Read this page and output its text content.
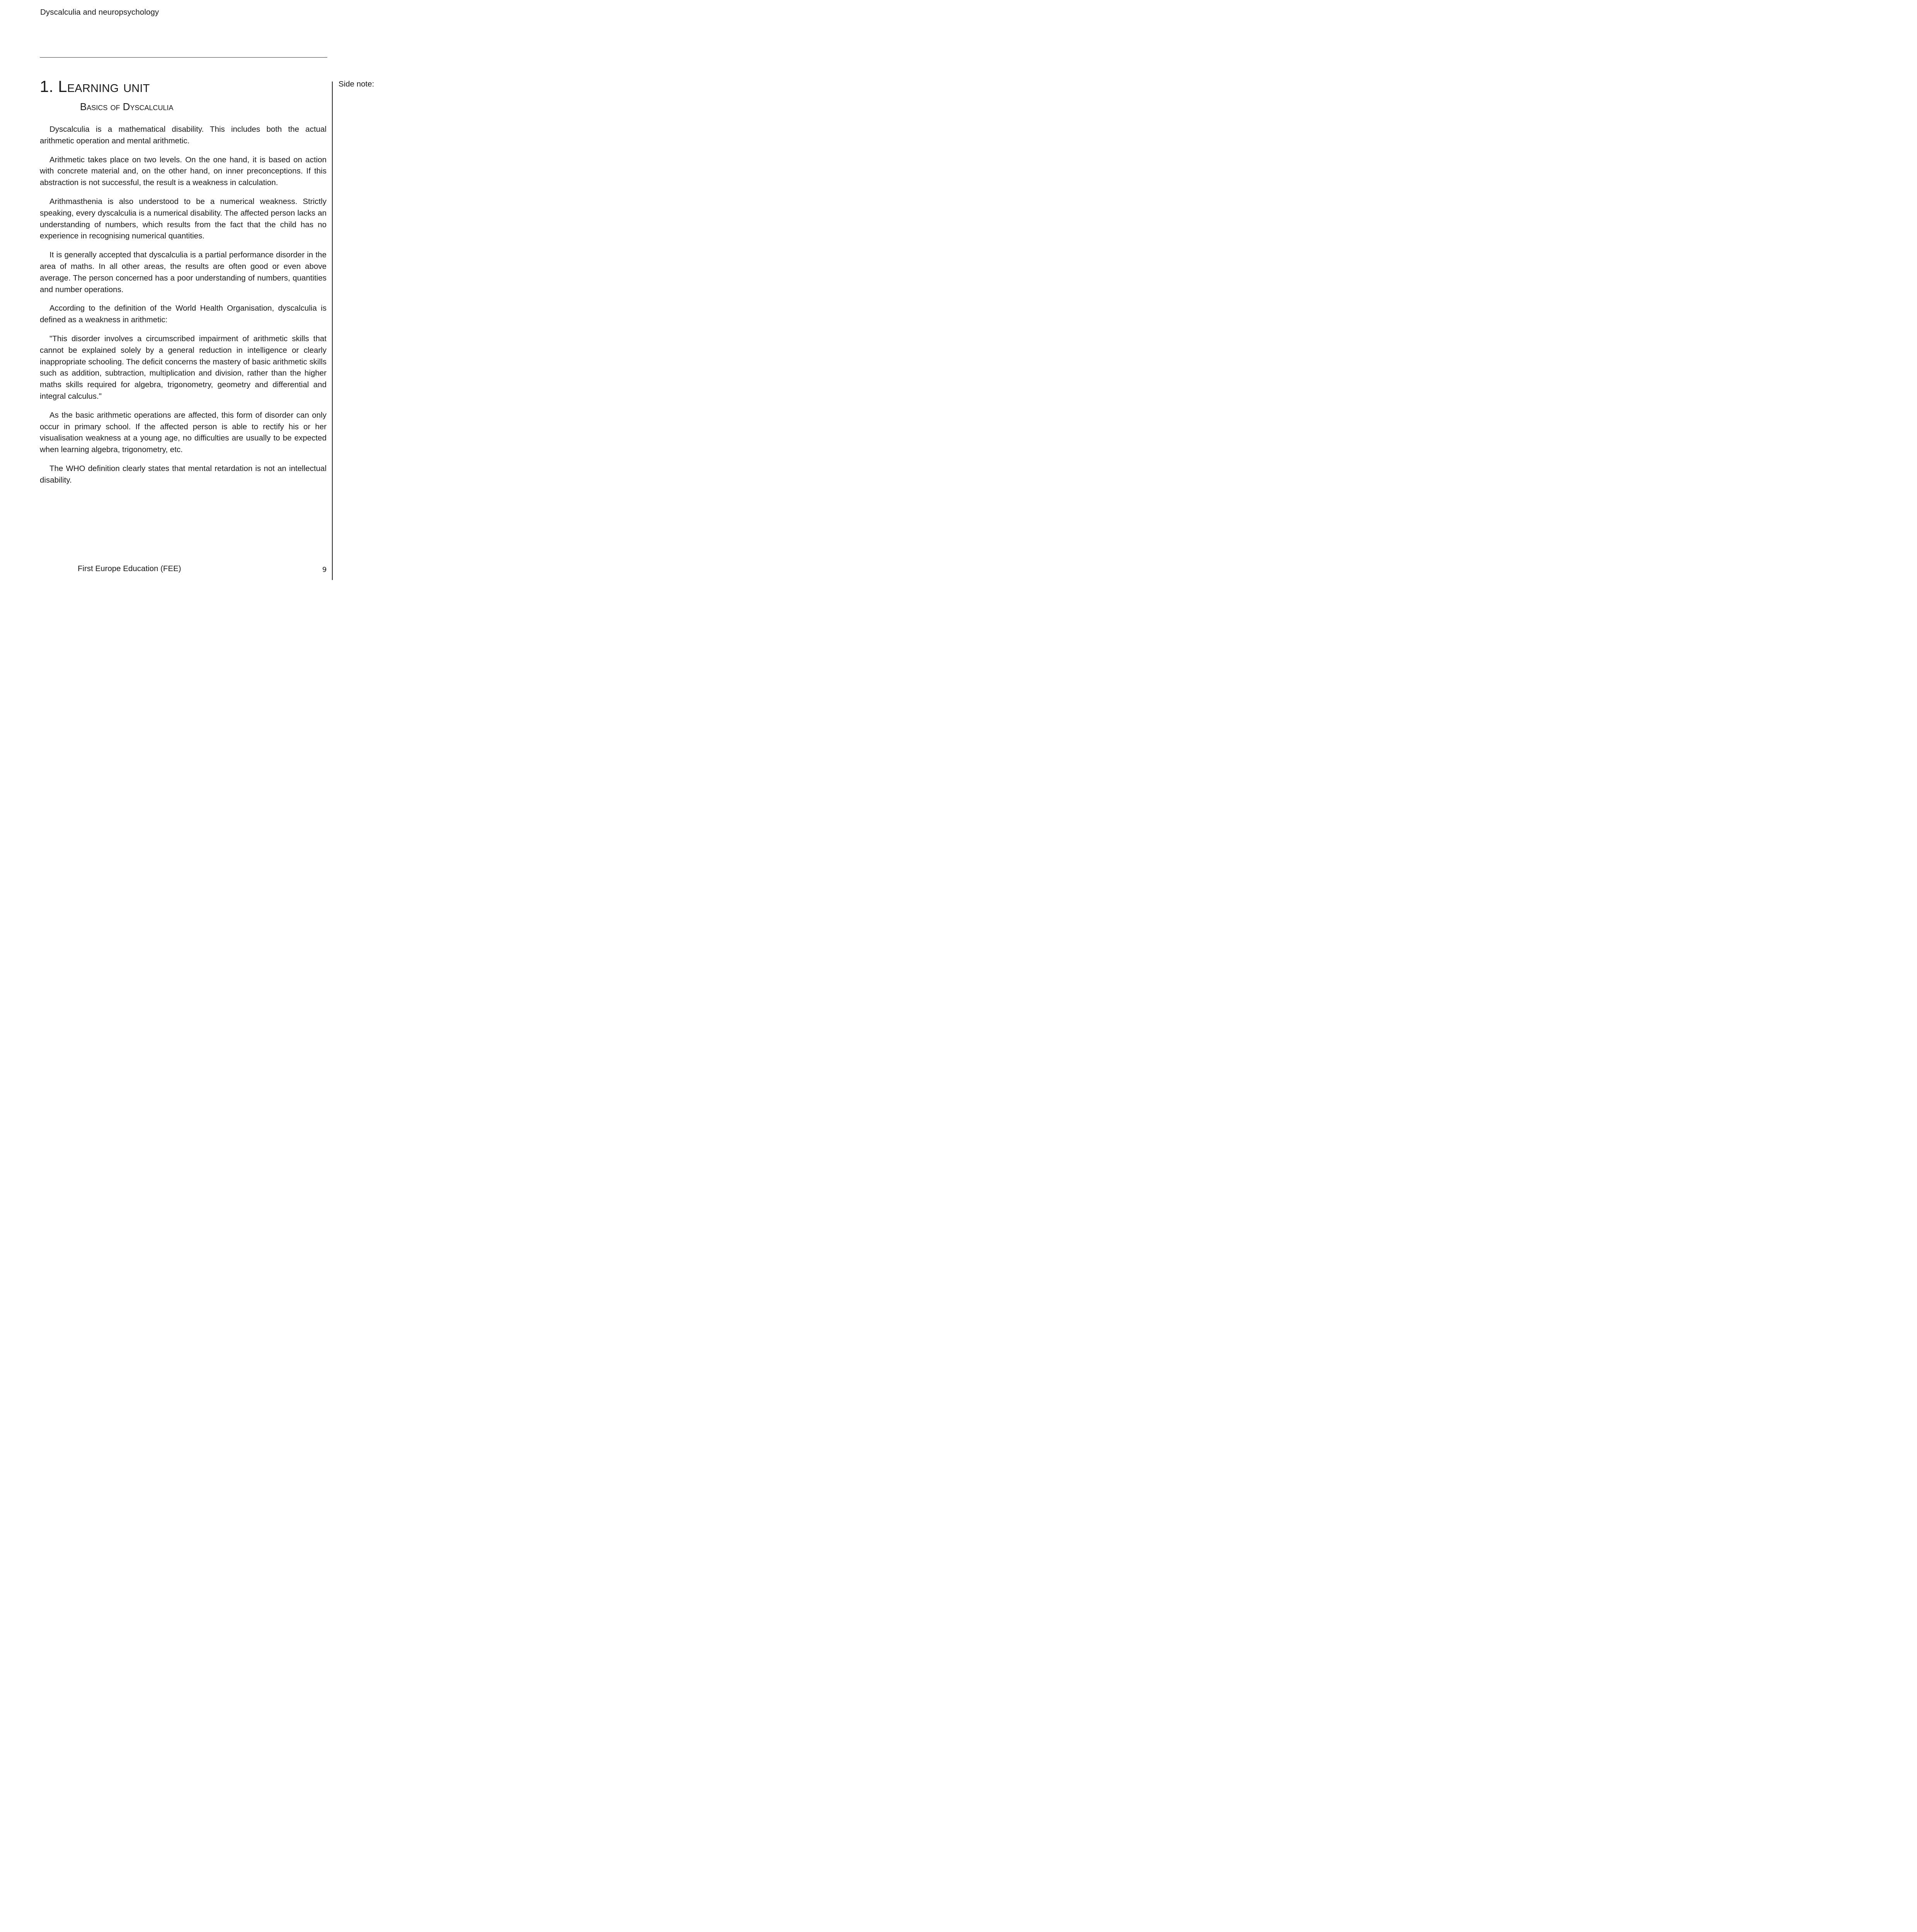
Dyscalculia and neuropsychology
Side note:
1. Learning unit
Basics of Dyscalculia

Dyscalculia is a mathematical disability. This includes both the actual arithmetic operation and mental arithmetic.

Arithmetic takes place on two levels. On the one hand, it is based on action with concrete material and, on the other hand, on inner preconceptions. If this abstraction is not successful, the result is a weakness in calculation.

Arithmasthenia is also understood to be a numerical weakness. Strictly speaking, every dyscalculia is a numerical disability. The affected person lacks an understanding of numbers, which results from the fact that the child has no experience in recognising numerical quantities.

It is generally accepted that dyscalculia is a partial performance disorder in the area of maths. In all other areas, the results are often good or even above average. The person concerned has a poor understanding of numbers, quantities and number operations.

According to the definition of the World Health Organisation, dyscalculia is defined as a weakness in arithmetic:

"This disorder involves a circumscribed impairment of arithmetic skills that cannot be explained solely by a general reduction in intelligence or clearly inappropriate schooling. The deficit concerns the mastery of basic arithmetic skills such as addition, subtraction, multiplication and division, rather than the higher maths skills required for algebra, trigonometry, geometry and differential and integral calculus."

As the basic arithmetic operations are affected, this form of disorder can only occur in primary school. If the affected person is able to rectify his or her visualisation weakness at a young age, no difficulties are usually to be expected when learning algebra, trigonometry, etc.

The WHO definition clearly states that mental retardation is not an intellectual disability.

First Europe Education (FEE)	9
